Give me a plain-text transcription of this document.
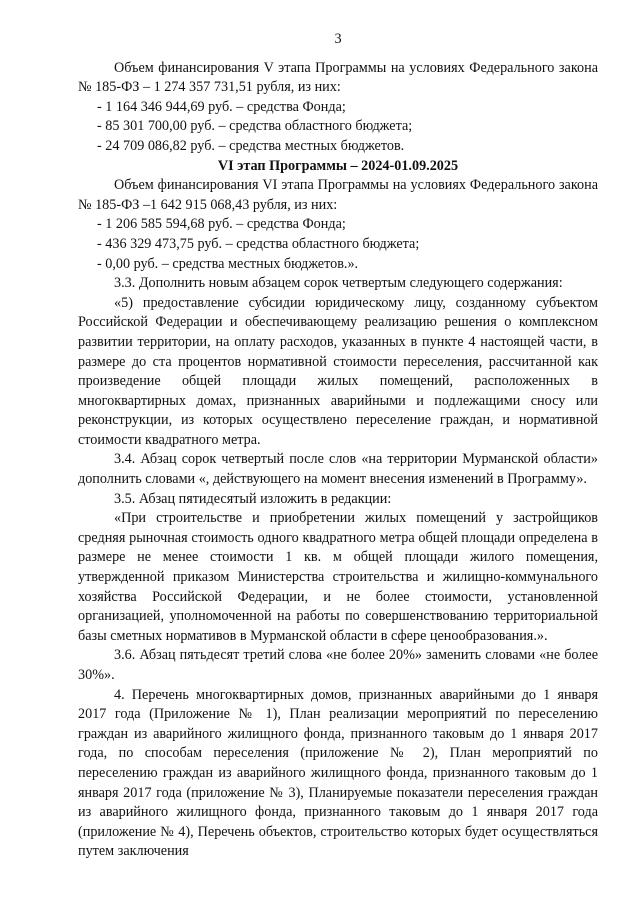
3

Объем финансирования V этапа Программы на условиях Федерального закона № 185-ФЗ – 1 274 357 731,51 рубля, из них:

- 1 164 346 944,69 руб. – средства Фонда;

- 85 301 700,00 руб. – средства областного бюджета;

- 24 709 086,82 руб. – средства местных бюджетов.

VI этап Программы – 2024-01.09.2025

Объем финансирования VI этапа Программы на условиях Федерального закона № 185-ФЗ –1 642 915 068,43 рубля, из них:

- 1 206 585 594,68 руб. – средства Фонда;

- 436 329 473,75 руб. – средства областного бюджета;

- 0,00 руб. – средства местных бюджетов.».

3.3. Дополнить новым абзацем сорок четвертым следующего содержания:

«5) предоставление субсидии юридическому лицу, созданному субъектом Российской Федерации и обеспечивающему реализацию решения о комплексном развитии территории, на оплату расходов, указанных в пункте 4 настоящей части, в размере до ста процентов нормативной стоимости переселения, рассчитанной как произведение общей площади жилых помещений, расположенных в многоквартирных домах, признанных аварийными и подлежащими сносу или реконструкции, из которых осуществлено переселение граждан, и нормативной стоимости квадратного метра.

3.4. Абзац сорок четвертый после слов «на территории Мурманской области» дополнить словами «, действующего на момент внесения изменений в Программу».

3.5. Абзац пятидесятый изложить в редакции:

«При строительстве и приобретении жилых помещений у застройщиков средняя рыночная стоимость одного квадратного метра общей площади определена в размере не менее стоимости 1 кв. м общей площади жилого помещения, утвержденной приказом Министерства строительства и жилищно-коммунального хозяйства Российской Федерации, и не более стоимости, установленной организацией, уполномоченной на работы по совершенствованию территориальной базы сметных нормативов в Мурманской области в сфере ценообразования.».

3.6. Абзац пятьдесят третий слова «не более 20%» заменить словами «не более 30%».

4. Перечень многоквартирных домов, признанных аварийными до 1 января 2017 года (Приложение № 1), План реализации мероприятий по переселению граждан из аварийного жилищного фонда, признанного таковым до 1 января 2017 года, по способам переселения (приложение № 2), План мероприятий по переселению граждан из аварийного жилищного фонда, признанного таковым до 1 января 2017 года (приложение № 3), Планируемые показатели переселения граждан из аварийного жилищного фонда, признанного таковым до 1 января 2017 года (приложение № 4), Перечень объектов, строительство которых будет осуществляться путем заключения
